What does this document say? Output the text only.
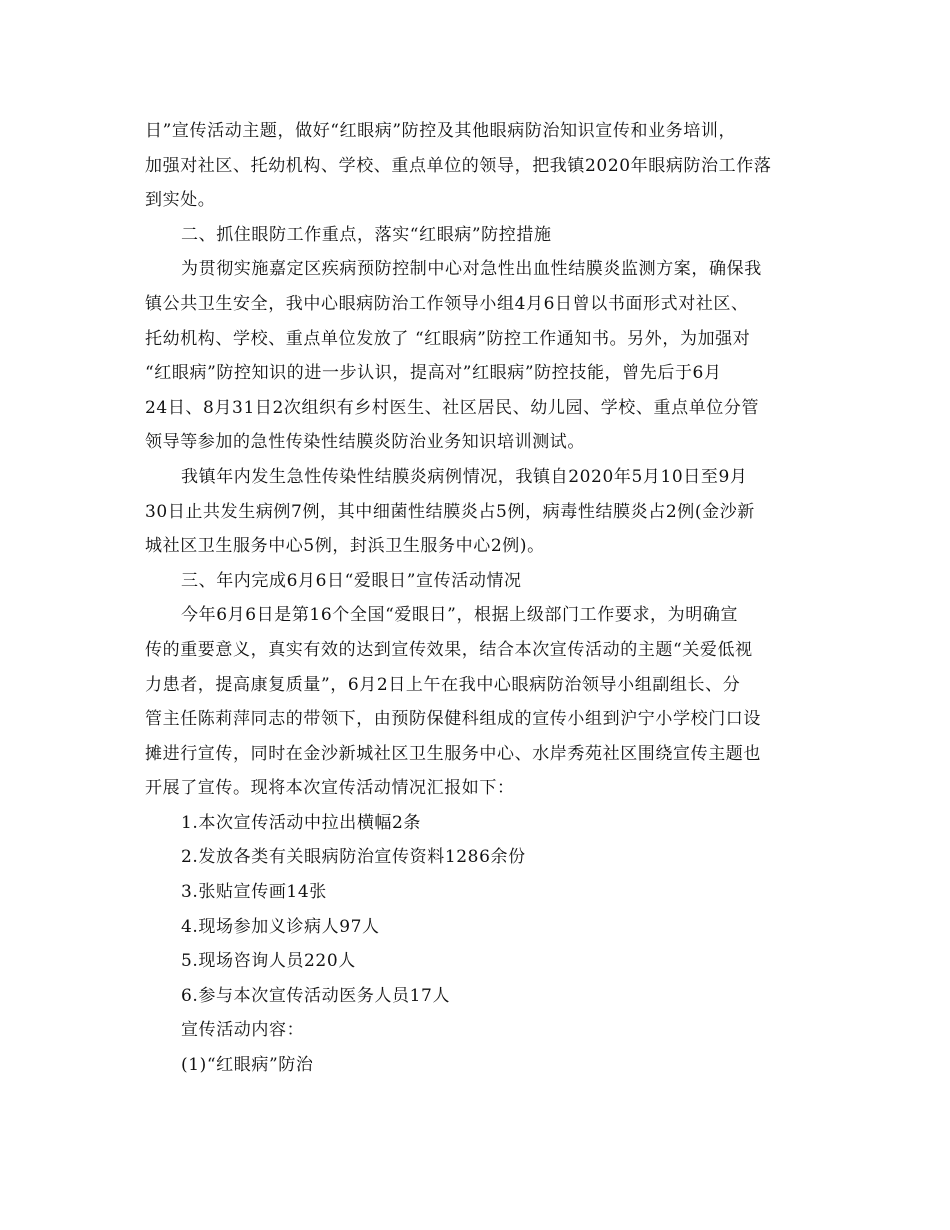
日”宣传活动主题，做好“红眼病”防控及其他眼病防治知识宣传和业务培训，
加强对社区、托幼机构、学校、重点单位的领导，把我镇2020年眼病防治工作落
到实处。
二、抓住眼防工作重点，落实“红眼病”防控措施
为贯彻实施嘉定区疾病预防控制中心对急性出血性结膜炎监测方案，确保我
镇公共卫生安全，我中心眼病防治工作领导小组4月6日曾以书面形式对社区、
托幼机构、学校、重点单位发放了 “红眼病”防控工作通知书。另外，为加强对
“红眼病”防控知识的进一步认识，提高对”红眼病”防控技能，曾先后于6月
24日、8月31日2次组织有乡村医生、社区居民、幼儿园、学校、重点单位分管
领导等参加的急性传染性结膜炎防治业务知识培训测试。
我镇年内发生急性传染性结膜炎病例情况，我镇自2020年5月10日至9月
30日止共发生病例7例，其中细菌性结膜炎占5例，病毒性结膜炎占2例(金沙新
城社区卫生服务中心5例，封浜卫生服务中心2例)。
三、年内完成6月6日“爱眼日”宣传活动情况
今年6月6日是第16个全国“爱眼日”，根据上级部门工作要求，为明确宣
传的重要意义，真实有效的达到宣传效果，结合本次宣传活动的主题“关爱低视
力患者，提高康复质量”，6月2日上午在我中心眼病防治领导小组副组长、分
管主任陈莉萍同志的带领下，由预防保健科组成的宣传小组到沪宁小学校门口设
摊进行宣传，同时在金沙新城社区卫生服务中心、水岸秀苑社区围绕宣传主题也
开展了宣传。现将本次宣传活动情况汇报如下：
1.本次宣传活动中拉出横幅2条
2.发放各类有关眼病防治宣传资料1286余份
3.张贴宣传画14张
4.现场参加义诊病人97人
5.现场咨询人员220人
6.参与本次宣传活动医务人员17人
宣传活动内容：
(1)“红眼病”防治
